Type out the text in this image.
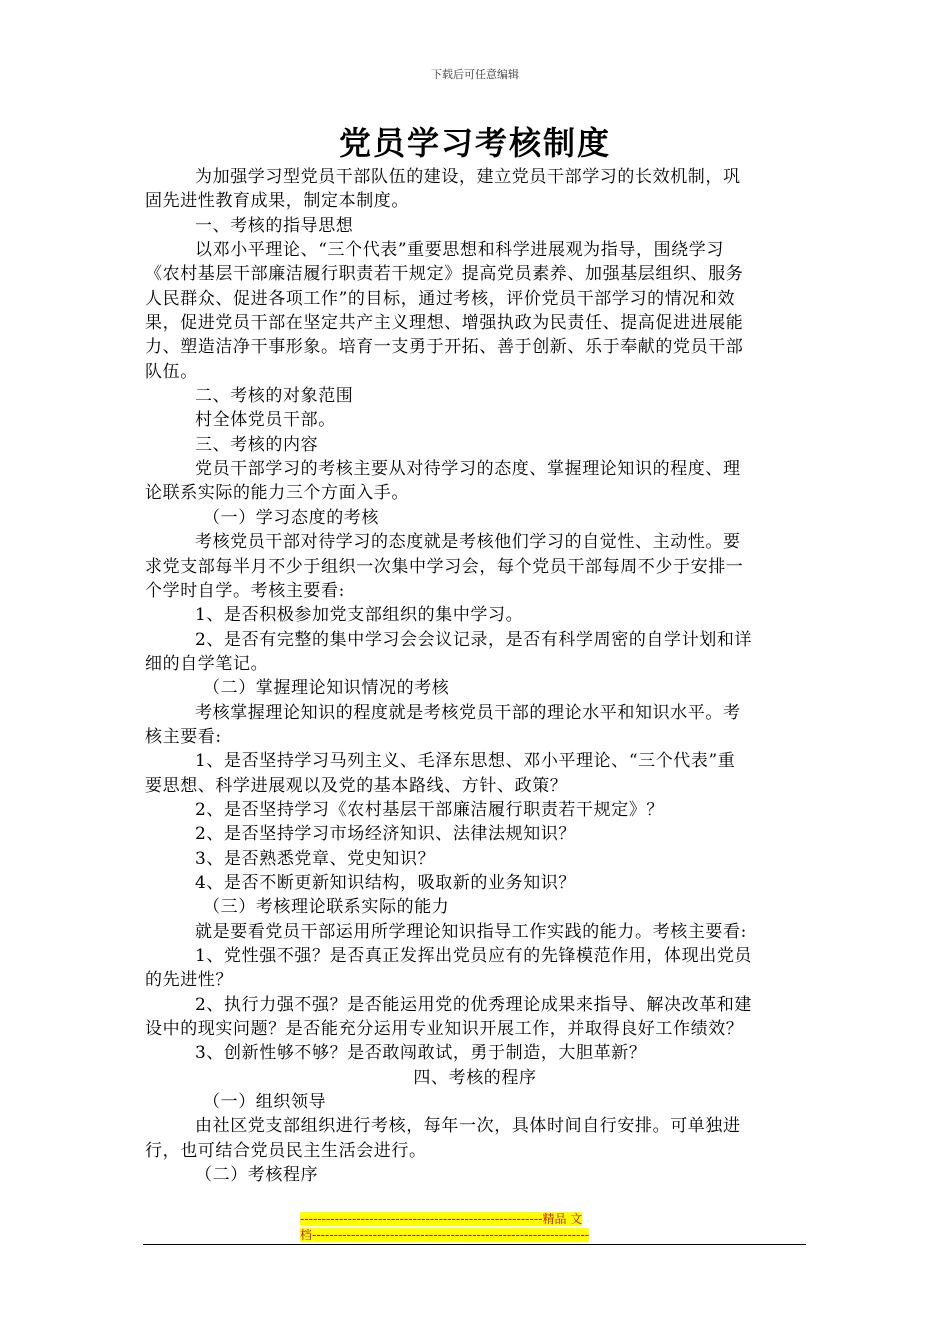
下载后可任意编辑
党员学习考核制度
为加强学习型党员干部队伍的建设，建立党员干部学习的长效机制，巩
固先进性教育成果，制定本制度。
一、考核的指导思想
以邓小平理论、“三个代表”重要思想和科学进展观为指导，围绕学习
《农村基层干部廉洁履行职责若干规定》提高党员素养、加强基层组织、服务
人民群众、促进各项工作”的目标，通过考核，评价党员干部学习的情况和效
果，促进党员干部在坚定共产主义理想、增强执政为民责任、提高促进进展能
力、塑造洁净干事形象。培育一支勇于开拓、善于创新、乐于奉献的党员干部
队伍。
二、考核的对象范围
村全体党员干部。
三、考核的内容
党员干部学习的考核主要从对待学习的态度、掌握理论知识的程度、理
论联系实际的能力三个方面入手。
（一）学习态度的考核
考核党员干部对待学习的态度就是考核他们学习的自觉性、主动性。要
求党支部每半月不少于组织一次集中学习会，每个党员干部每周不少于安排一
个学时自学。考核主要看:
1、是否积极参加党支部组织的集中学习。
2、是否有完整的集中学习会会议记录，是否有科学周密的自学计划和详
细的自学笔记。
（二）掌握理论知识情况的考核
考核掌握理论知识的程度就是考核党员干部的理论水平和知识水平。考
核主要看:
1、是否坚持学习马列主义、毛泽东思想、邓小平理论、“三个代表”重
要思想、科学进展观以及党的基本路线、方针、政策？
2、是否坚持学习《农村基层干部廉洁履行职责若干规定》？
2、是否坚持学习市场经济知识、法律法规知识？
3、是否熟悉党章、党史知识？
4、是否不断更新知识结构，吸取新的业务知识？
（三）考核理论联系实际的能力
就是要看党员干部运用所学理论知识指导工作实践的能力。考核主要看:
1、党性强不强？是否真正发挥出党员应有的先锋模范作用，体现出党员
的先进性？
2、执行力强不强？是否能运用党的优秀理论成果来指导、解决改革和建
设中的现实问题？是否能充分运用专业知识开展工作，并取得良好工作绩效？
3、创新性够不够？是否敢闯敢试，勇于制造，大胆革新？
四、考核的程序
（一）组织领导
由社区党支部组织进行考核，每年一次，具体时间自行安排。可单独进
行，也可结合党员民主生活会进行。
（二）考核程序
--------------------------------------------------------精品 文
档----------------------------------------------------------------
